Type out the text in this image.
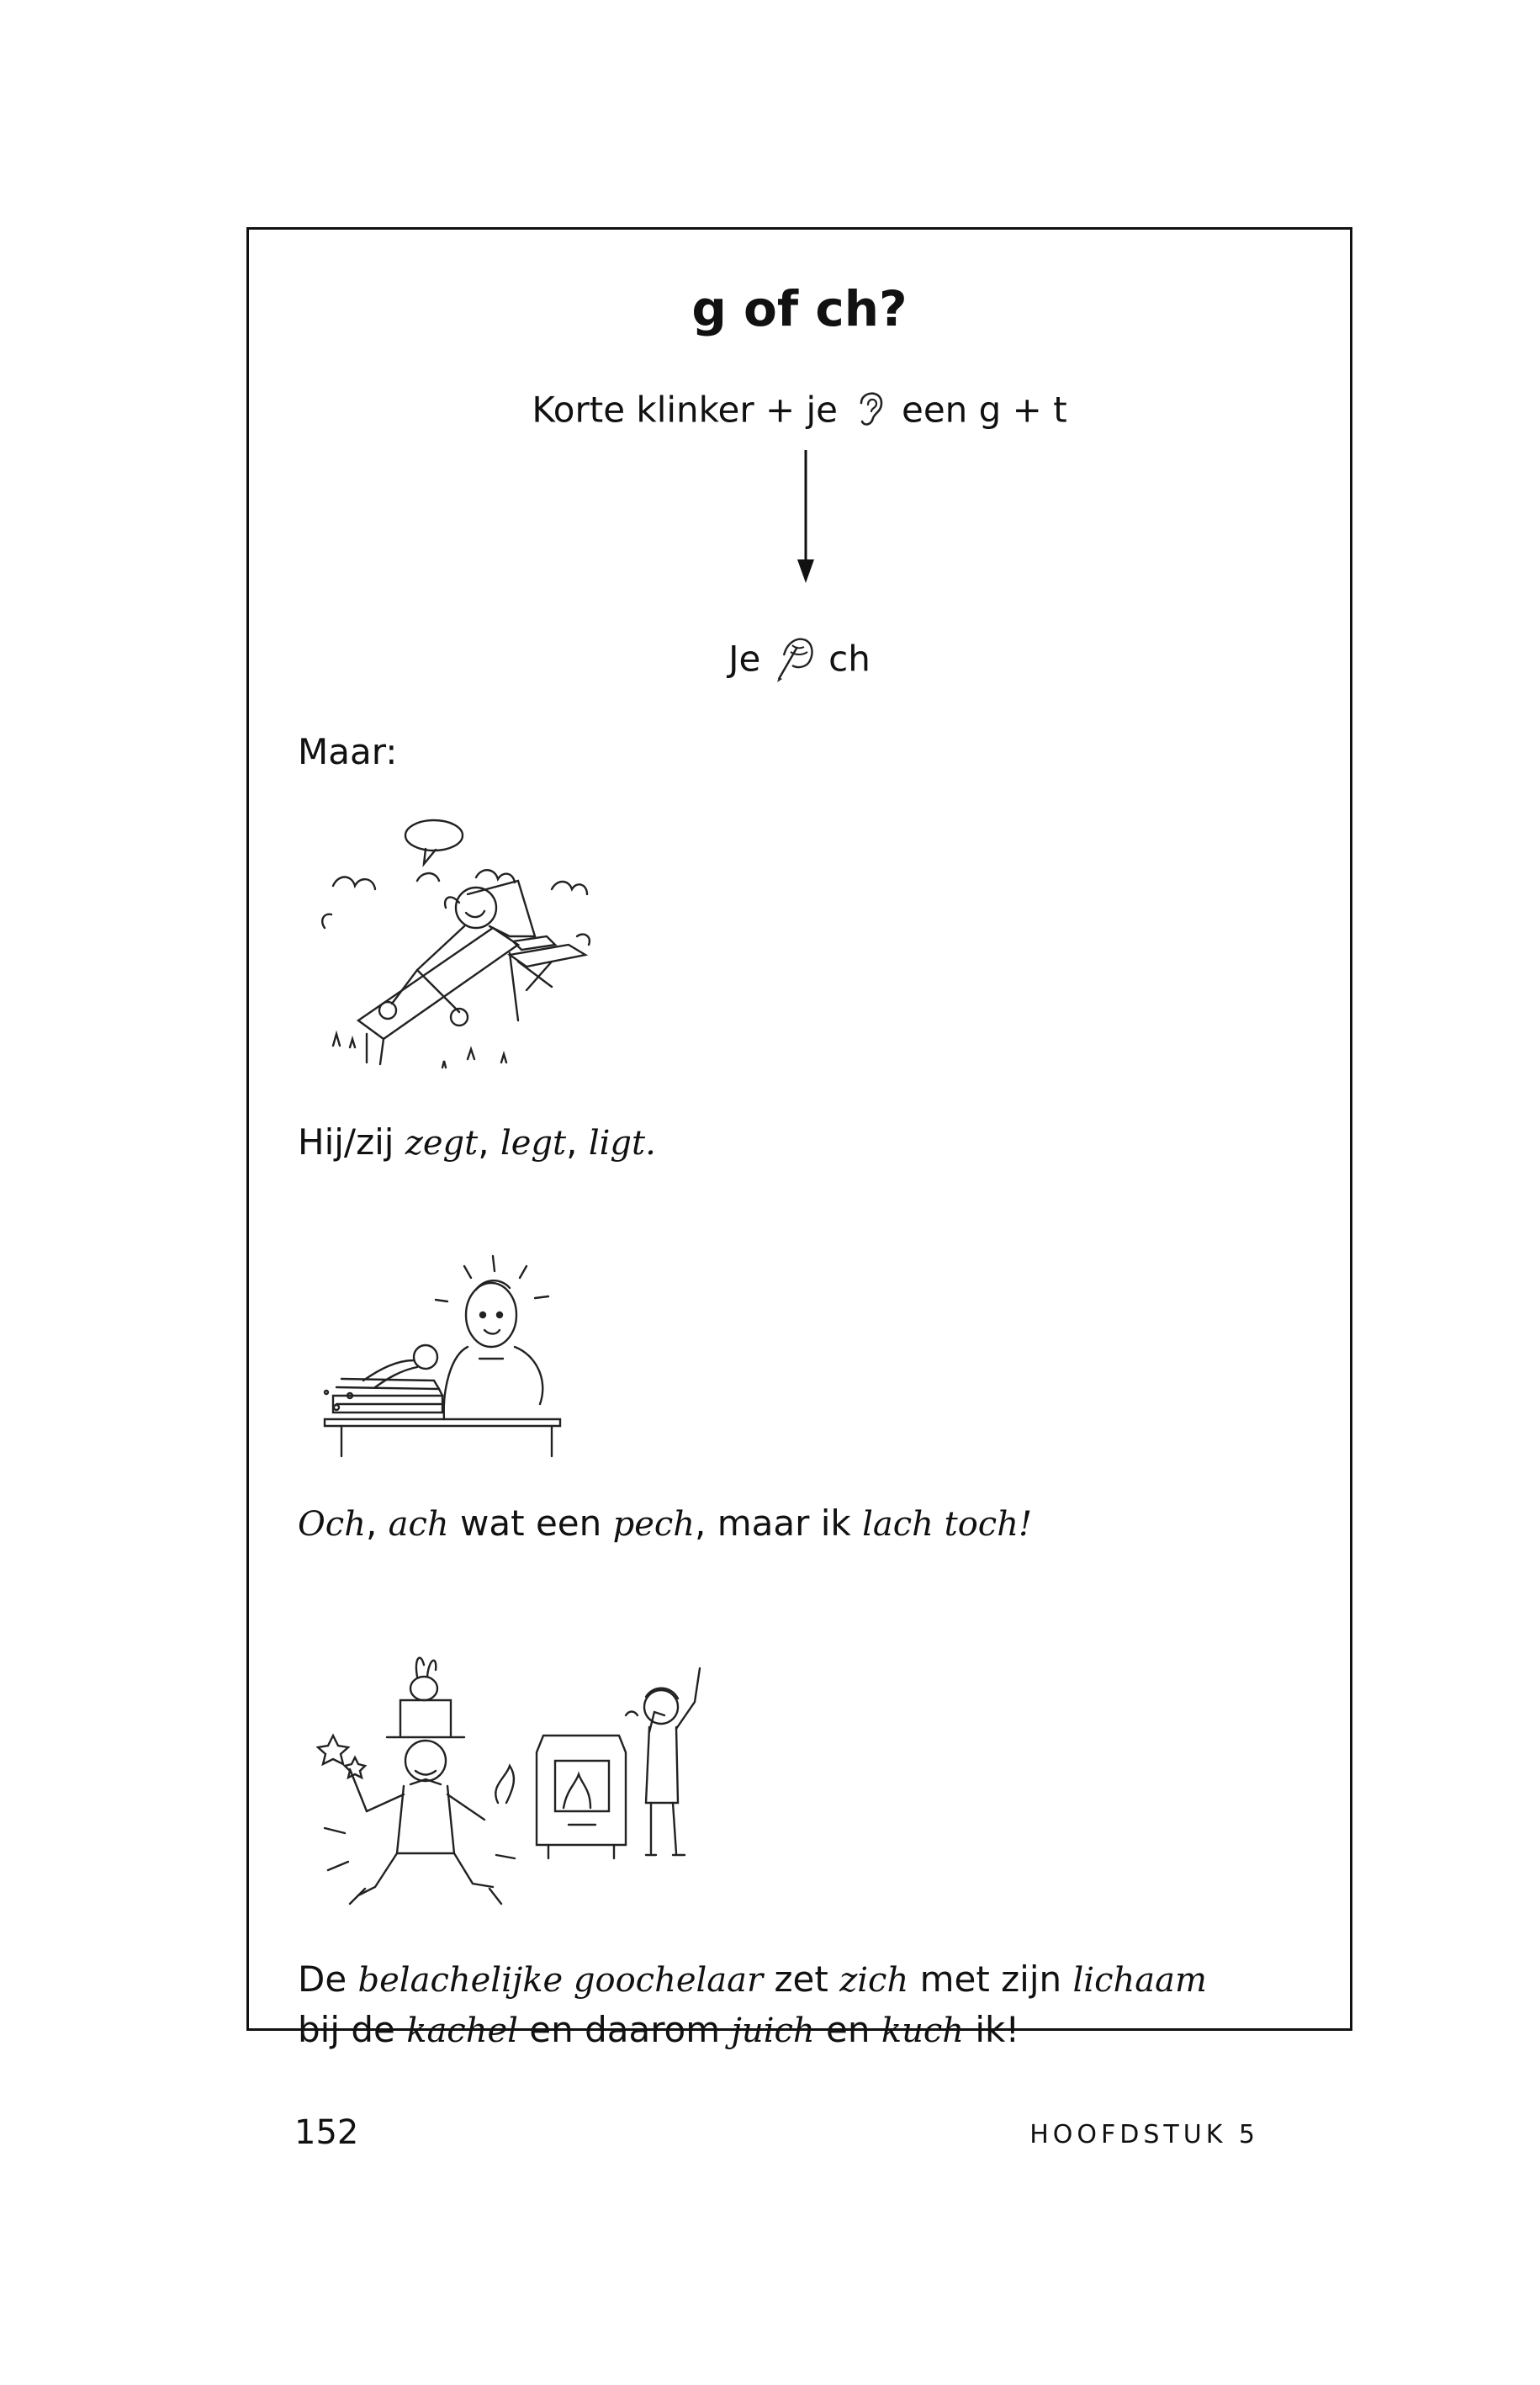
g of ch?
Korte klinker + je een g + t
Je ch
Maar:
Hij/zij zegt, legt, ligt.
Och, ach wat een pech, maar ik lach toch!
De belachelijke goochelaar zet zich met zijn lichaam
bij de kachel en daarom juich en kuch ik!
152	HOOFDSTUK 5
